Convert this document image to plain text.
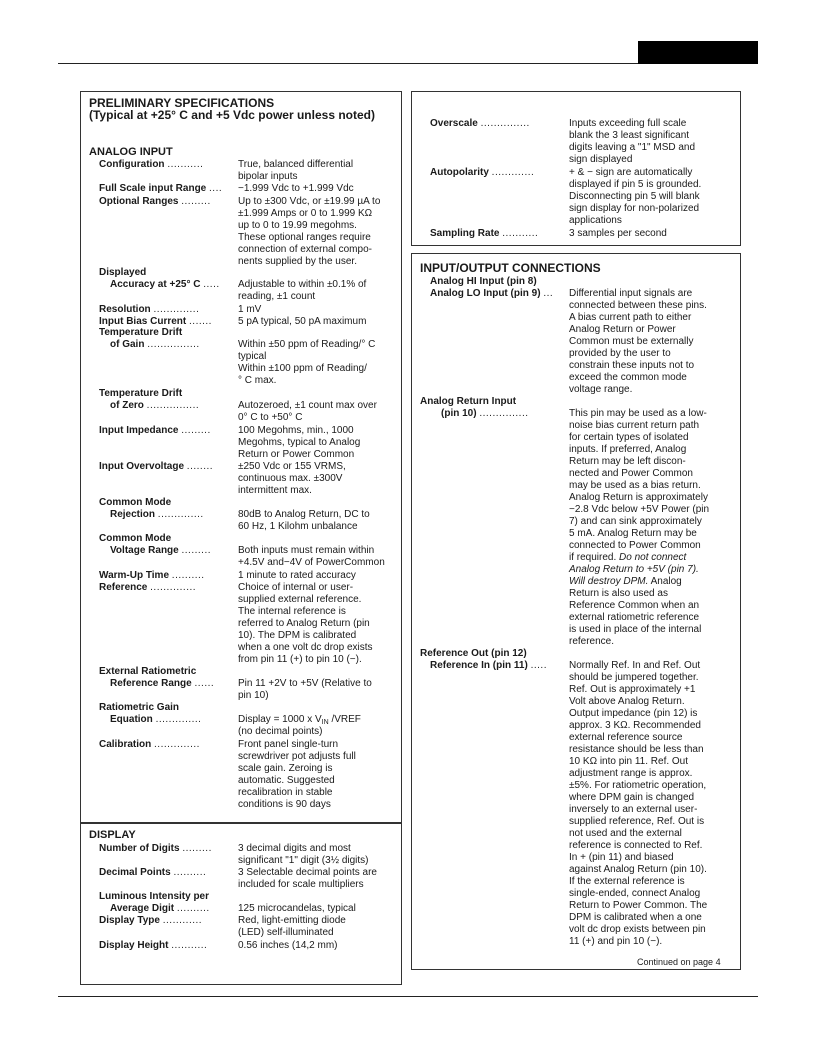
PRELIMINARY SPECIFICATIONS
(Typical at +25° C and +5 Vdc power unless noted)
ANALOG INPUT
Configuration ...........	True, balanced differential
bipolar inputs
Full Scale input Range .... −1.999 Vdc to +1.999 Vdc
Optional Ranges .........	Up to ±300 Vdc, or ±19.99 µA to
±1.999 Amps or 0 to 1.999 KΩ
up to 0 to 19.99 megohms.
These optional ranges require
connection of external compo-
nents supplied by the user.
Displayed
Accuracy at +25° C ..... Adjustable to within ±0.1% of
reading, ±1 count
Resolution ..............	1 mV
Input Bias Current .......	5 pA typical, 50 pA maximum
Temperature Drift
of Gain ................	Within ±50 ppm of Reading/° C
typical
Within ±100 ppm of Reading/
° C max.
Temperature Drift
of Zero ................	Autozeroed, ±1 count max over
0° C to +50° C
Input Impedance .........	100 Megohms, min., 1000
Megohms, typical to Analog
Return or Power Common
Input Overvoltage ........ ±250 Vdc or 155 VRMS,
continuous max. ±300V
intermittent max.
Common Mode
Rejection ..............	80dB to Analog Return, DC to
60 Hz, 1 Kilohm unbalance
Common Mode
Voltage Range .........	Both inputs must remain within
+4.5V and−4V of PowerCommon
Warm-Up Time ..........	1 minute to rated accuracy
Reference ..............	Choice of internal or user-
supplied external reference.
The internal reference is
referred to Analog Return (pin
10). The DPM is calibrated
when a one volt dc drop exists
from pin 11 (+) to pin 10 (−).
External Ratiometric
Reference Range ...... Pin 11 +2V to +5V (Relative to
pin 10)
Ratiometric Gain
Equation ..............	Display = 1000 x $V_{IN}$ /VREF
(no decimal points)
Calibration ..............	Front panel single-turn
screwdriver pot adjusts full
scale gain. Zeroing is
automatic. Suggested
recalibration in stable
conditions is 90 days
DISPLAY
Number of Digits .........	3 decimal digits and most
significant "1" digit (3½ digits)
Decimal Points ..........	3 Selectable decimal points are
included for scale multipliers
Luminous Intensity per
Average Digit ..........	125 microcandelas, typical
Display Type ............	Red, light-emitting diode
(LED) self-illuminated
Display Height ...........	0.56 inches (14,2 mm)
Overscale ...............	Inputs exceeding full scale
blank the 3 least significant
digits leaving a "1" MSD and
sign displayed
Autopolarity .............	+ & − sign are automatically
displayed if pin 5 is grounded.
Disconnecting pin 5 will blank
sign display for non-polarized
applications
Sampling Rate ...........	3 samples per second
INPUT/OUTPUT CONNECTIONS
Analog HI Input (pin 8)
Analog LO Input (pin 9) ... Differential input signals are
connected between these pins.
A bias current path to either
Analog Return or Power
Common must be externally
provided by the user to
constrain these inputs not to
exceed the common mode
voltage range.
Analog Return Input
(pin 10) ...............	This pin may be used as a low-
noise bias current return path
for certain types of isolated
inputs. If preferred, Analog
Return may be left discon-
nected and Power Common
may be used as a bias return.
Analog Return is approximately
−2.8 Vdc below +5V Power (pin
7) and can sink approximately
5 mA. Analog Return may be
connected to Power Common
if required. Do not connect
Analog Return to +5V (pin 7).
Will destroy DPM. Analog
Return is also used as
Reference Common when an
external ratiometric reference
is used in place of the internal
reference.
Reference Out (pin 12)
Reference In (pin 11) ..... Normally Ref. In and Ref. Out
should be jumpered together.
Ref. Out is approximately +1
Volt above Analog Return.
Output impedance (pin 12) is
approx. 3 KΩ. Recommended
external reference source
resistance should be less than
10 KΩ into pin 11. Ref. Out
adjustment range is approx.
±5%. For ratiometric operation,
where DPM gain is changed
inversely to an external user-
supplied reference, Ref. Out is
not used and the external
reference is connected to Ref.
In + (pin 11) and biased
against Analog Return (pin 10).
If the external reference is
single-ended, connect Analog
Return to Power Common. The
DPM is calibrated when a one
volt dc drop exists between pin
11 (+) and pin 10 (−).
Continued on page 4
